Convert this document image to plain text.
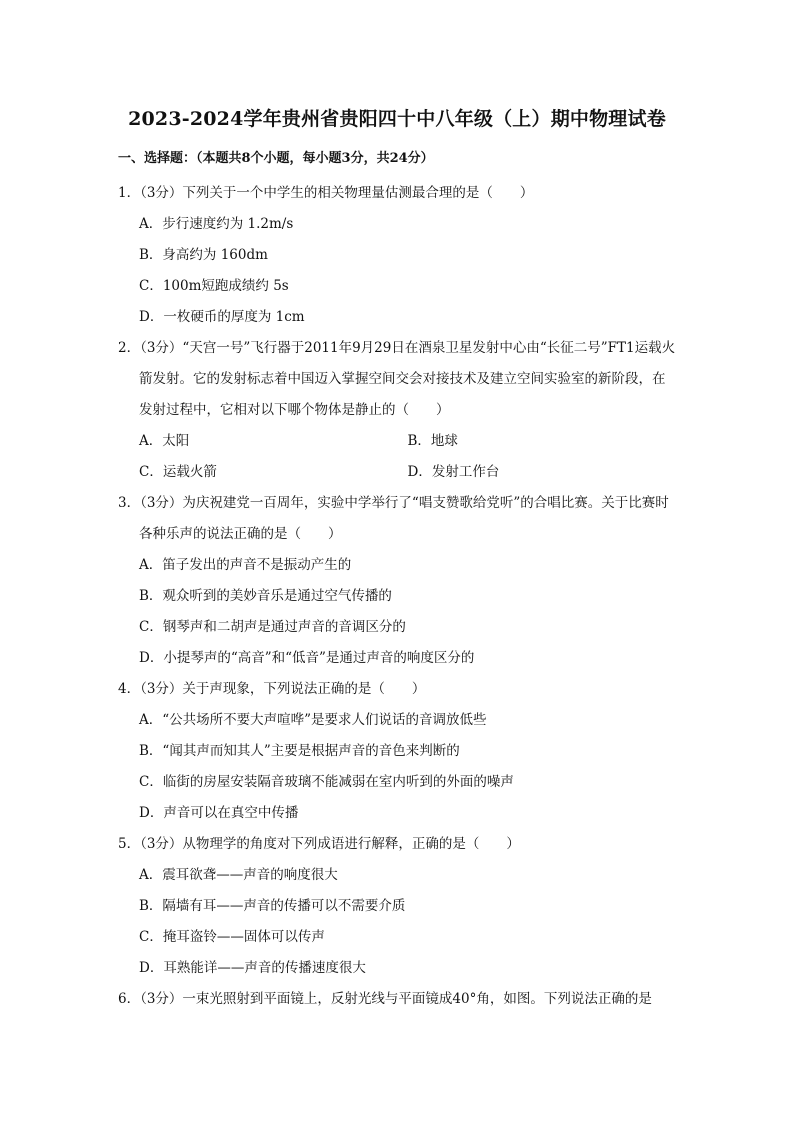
2023-2024学年贵州省贵阳四十中八年级（上）期中物理试卷
一、选择题：（本题共8个小题，每小题3分，共24分）
1．（3分）下列关于一个中学生的相关物理量估测最合理的是（　　）
A．步行速度约为 1.2m/s
B．身高约为 160dm
C．100m短跑成绩约 5s
D．一枚硬币的厚度为 1cm
2．（3分）“天宫一号”飞行器于2011年9月29日在酒泉卫星发射中心由“长征二号”FT1运载火箭发射。它的发射标志着中国迈入掌握空间交会对接技术及建立空间实验室的新阶段，在发射过程中，它相对以下哪个物体是静止的（　　）
A．太阳	B．地球
C．运载火箭	D．发射工作台
3．（3分）为庆祝建党一百周年，实验中学举行了“唱支赞歌给党听”的合唱比赛。关于比赛时各种乐声的说法正确的是（　　）
A．笛子发出的声音不是振动产生的
B．观众听到的美妙音乐是通过空气传播的
C．钢琴声和二胡声是通过声音的音调区分的
D．小提琴声的“高音”和“低音”是通过声音的响度区分的
4．（3分）关于声现象，下列说法正确的是（　　）
A．“公共场所不要大声喧哗”是要求人们说话的音调放低些
B．“闻其声而知其人”主要是根据声音的音色来判断的
C．临街的房屋安装隔音玻璃不能减弱在室内听到的外面的噪声
D．声音可以在真空中传播
5．（3分）从物理学的角度对下列成语进行解释，正确的是（　　）
A．震耳欲聋——声音的响度很大
B．隔墙有耳——声音的传播可以不需要介质
C．掩耳盗铃——固体可以传声
D．耳熟能详——声音的传播速度很大
6．（3分）一束光照射到平面镜上，反射光线与平面镜成40°角，如图。下列说法正确的是
